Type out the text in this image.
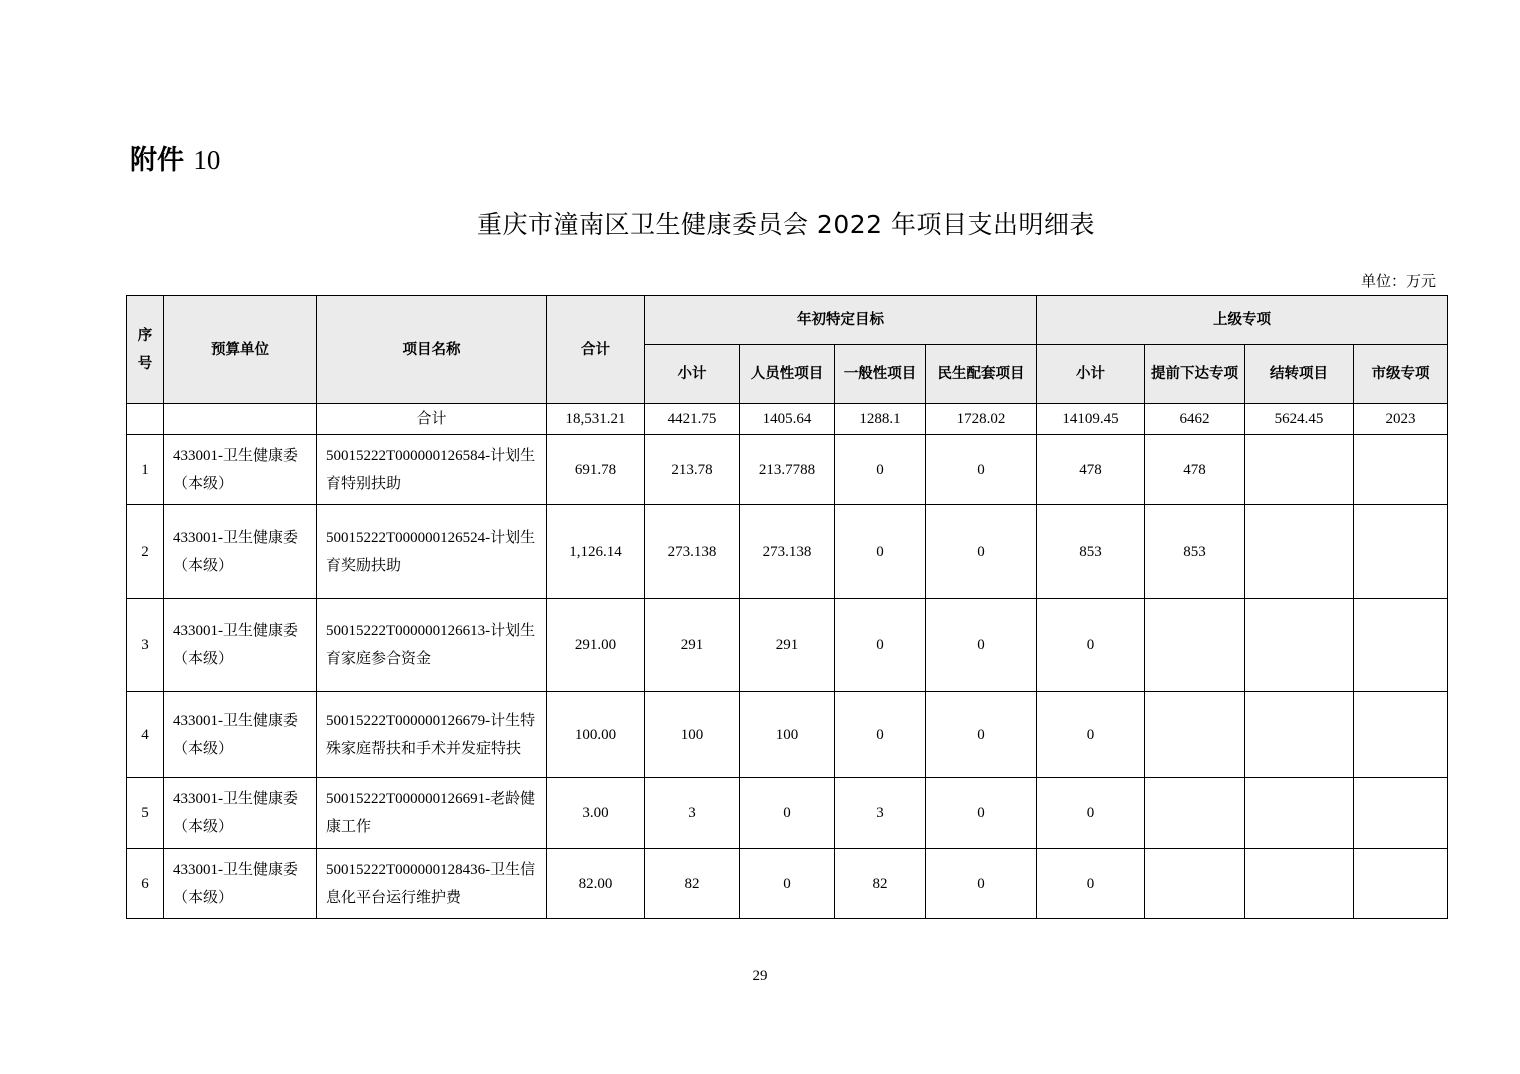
附件 10
重庆市潼南区卫生健康委员会 2022 年项目支出明细表
单位：万元
序号	预算单位	项目名称	合计	年初特定目标				上级专项			
				小计	人员性项目	一般性项目	民生配套项目	小计	提前下达专项	结转项目	市级专项
		合计	18,531.21	4421.75	1405.64	1288.1	1728.02	14109.45	6462	5624.45	2023
1	433001-卫生健康委（本级）	50015222T000000126584-计划生育特别扶助	691.78	213.78	213.7788	0	0	478	478		
2	433001-卫生健康委（本级）	50015222T000000126524-计划生育奖励扶助	1,126.14	273.138	273.138	0	0	853	853		
3	433001-卫生健康委（本级）	50015222T000000126613-计划生育家庭参合资金	291.00	291	291	0	0	0			
4	433001-卫生健康委（本级）	50015222T000000126679-计生特殊家庭帮扶和手术并发症特扶	100.00	100	100	0	0	0			
5	433001-卫生健康委（本级）	50015222T000000126691-老龄健康工作	3.00	3	0	3	0	0			
6	433001-卫生健康委（本级）	50015222T000000128436-卫生信息化平台运行维护费	82.00	82	0	82	0	0			
29
